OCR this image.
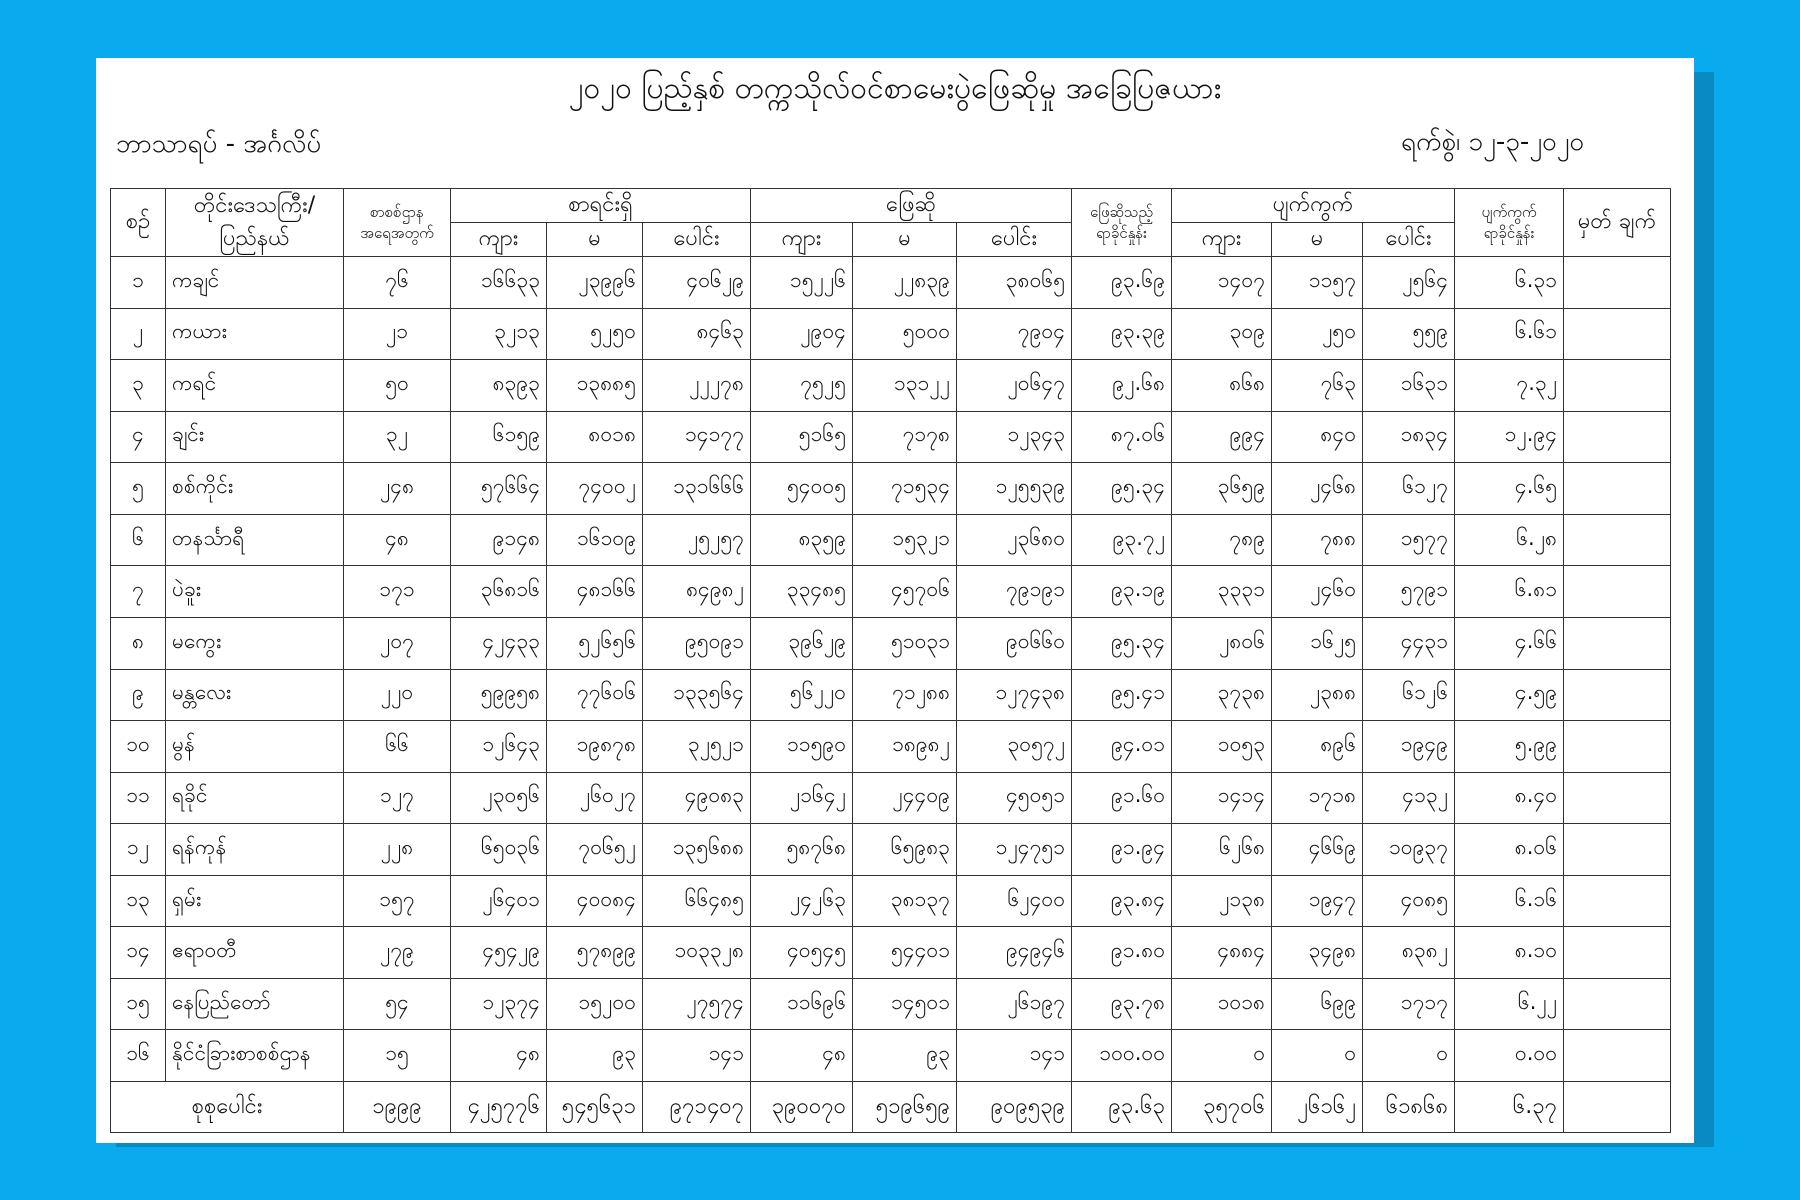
၂၀၂၀ ပြည့်နှစ် တက္ကသိုလ်ဝင်စာမေးပွဲဖြေဆိုမှု အခြေပြဇယား
ဘာသာရပ် - အင်္ဂလိပ်	ရက်စွဲ၊ ၁၂-၃-၂၀၂၀
စဉ်	တိုင်းဒေသကြီး/ ပြည်နယ်	စာစစ်ဌာန အရေအတွက်	စာရင်းရှိ			ဖြေဆို			ဖြေဆိုသည့် ရာခိုင်နှုန်း	ပျက်ကွက်			ပျက်ကွက် ရာခိုင်နှုန်း	မှတ် ချက်
			ကျား	မ	ပေါင်း	ကျား	မ	ပေါင်း		ကျား	မ	ပေါင်း		
၁	ကချင်	၇၆	၁၆၆၃၃	၂၃၉၉၆	၄၀၆၂၉	၁၅၂၂၆	၂၂၈၃၉	၃၈၀၆၅	၉၃.၆၉	၁၄၀၇	၁၁၅၇	၂၅၆၄	၆.၃၁	
၂	ကယား	၂၁	၃၂၁၃	၅၂၅၀	၈၄၆၃	၂၉၀၄	၅၀၀၀	၇၉၀၄	၉၃.၃၉	၃၀၉	၂၅၀	၅၅၉	၆.၆၁	
၃	ကရင်	၅၀	၈၃၉၃	၁၃၈၈၅	၂၂၂၇၈	၇၅၂၅	၁၃၁၂၂	၂၀၆၄၇	၉၂.၆၈	၈၆၈	၇၆၃	၁၆၃၁	၇.၃၂	
၄	ချင်း	၃၂	၆၁၅၉	၈၀၁၈	၁၄၁၇၇	၅၁၆၅	၇၁၇၈	၁၂၃၄၃	၈၇.၀၆	၉၉၄	၈၄၀	၁၈၃၄	၁၂.၉၄	
၅	စစ်ကိုင်း	၂၄၈	၅၇၆၆၄	၇၄၀၀၂	၁၃၁၆၆၆	၅၄၀၀၅	၇၁၅၃၄	၁၂၅၅၃၉	၉၅.၃၄	၃၆၅၉	၂၄၆၈	၆၁၂၇	၄.၆၅	
၆	တနင်္သာရီ	၄၈	၉၁၄၈	၁၆၁၀၉	၂၅၂၅၇	၈၃၅၉	၁၅၃၂၁	၂၃၆၈၀	၉၃.၇၂	၇၈၉	၇၈၈	၁၅၇၇	၆.၂၈	
၇	ပဲခူး	၁၇၁	၃၆၈၁၆	၄၈၁၆၆	၈၄၉၈၂	၃၃၄၈၅	၄၅၇၀၆	၇၉၁၉၁	၉၃.၁၉	၃၃၃၁	၂၄၆၀	၅၇၉၁	၆.၈၁	
၈	မကွေး	၂၀၇	၄၂၄၃၃	၅၂၆၅၆	၉၅၀၉၁	၃၉၆၂၉	၅၁၀၃၁	၉၀၆၆၀	၉၅.၃၄	၂၈၀၆	၁၆၂၅	၄၄၃၁	၄.၆၆	
၉	မန္တလေး	၂၂၀	၅၉၉၅၈	၇၇၆၀၆	၁၃၃၅၆၄	၅၆၂၂၀	၇၁၂၈၈	၁၂၇၄၃၈	၉၅.၄၁	၃၇၃၈	၂၃၈၈	၆၁၂၆	၄.၅၉	
၁၀	မွန်	၆၆	၁၂၆၄၃	၁၉၈၇၈	၃၂၅၂၁	၁၁၅၉၀	၁၈၉၈၂	၃၀၅၇၂	၉၄.၀၁	၁၀၅၃	၈၉၆	၁၉၄၉	၅.၉၉	
၁၁	ရခိုင်	၁၂၇	၂၃၀၅၆	၂၆၀၂၇	၄၉၀၈၃	၂၁၆၄၂	၂၄၄၀၉	၄၅၀၅၁	၉၁.၆၀	၁၄၁၄	၁၇၁၈	၄၁၃၂	၈.၄၀	
၁၂	ရန်ကုန်	၂၂၈	၆၅၀၃၆	၇၀၆၅၂	၁၃၅၆၈၈	၅၈၇၆၈	၆၅၉၈၃	၁၂၄၇၅၁	၉၁.၉၄	၆၂၆၈	၄၆၆၉	၁၀၉၃၇	၈.၀၆	
၁၃	ရှမ်း	၁၅၇	၂၆၄၀၁	၄၀၀၈၄	၆၆၄၈၅	၂၄၂၆၃	၃၈၁၃၇	၆၂၄၀၀	၉၃.၈၄	၂၁၃၈	၁၉၄၇	၄၀၈၅	၆.၁၆	
၁၄	ဧရာဝတီ	၂၇၉	၄၅၄၂၉	၅၇၈၉၉	၁၀၃၃၂၈	၄၀၅၄၅	၅၄၄၀၁	၉၄၉၄၆	၉၁.၈၀	၄၈၈၄	၃၄၉၈	၈၃၈၂	၈.၁၀	
၁၅	နေပြည်တော်	၅၄	၁၂၃၇၄	၁၅၂၀၀	၂၇၅၇၄	၁၁၆၉၆	၁၄၅၀၁	၂၆၁၉၇	၉၃.၇၈	၁၀၁၈	၆၉၉	၁၇၁၇	၆.၂၂	
၁၆	နိုင်ငံခြားစာစစ်ဌာန	၁၅	၄၈	၉၃	၁၄၁	၄၈	၉၃	၁၄၁	၁၀၀.၀၀	၀	၀	၀	၀.၀၀	
စုစုပေါင်း		၁၉၉၉	၄၂၅၇၇၆	၅၄၅၆၃၁	၉၇၁၄၀၇	၃၉၀၀၇၀	၅၁၉၆၅၉	၉၀၉၅၃၉	၉၃.၆၃	၃၅၇၀၆	၂၆၁၆၂	၆၁၈၆၈	၆.၃၇	
